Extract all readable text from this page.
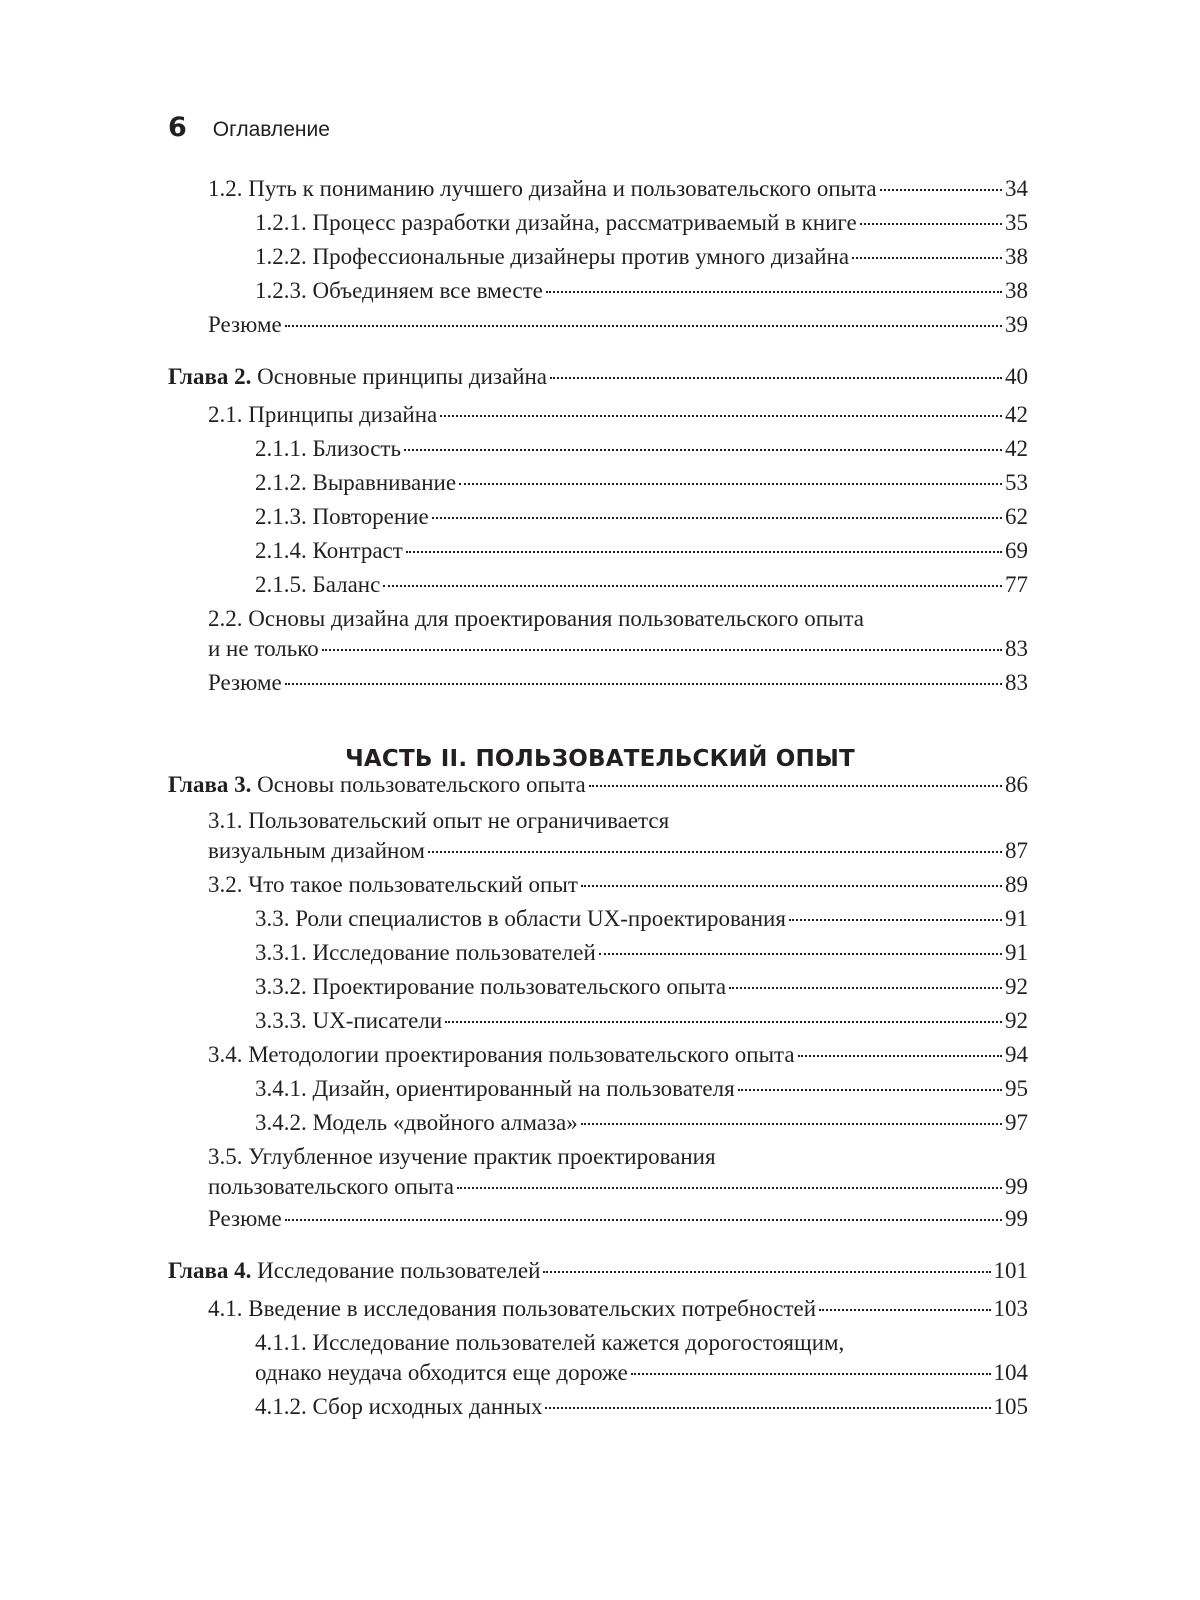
6 Оглавление
1.2. Путь к пониманию лучшего дизайна и пользовательского опыта	34
1.2.1. Процесс разработки дизайна, рассматриваемый в книге	35
1.2.2. Профессиональные дизайнеры против умного дизайна	38
1.2.3. Объединяем все вместе	38
Резюме	39
Глава 2. Основные принципы дизайна	40
2.1. Принципы дизайна	42
2.1.1. Близость	42
2.1.2. Выравнивание	53
2.1.3. Повторение	62
2.1.4. Контраст	69
2.1.5. Баланс	77
2.2. Основы дизайна для проектирования пользовательского опыта
и не только	83
Резюме	83
ЧАСТЬ II. ПОЛЬЗОВАТЕЛЬСКИЙ ОПЫТ
Глава 3. Основы пользовательского опыта	86
3.1. Пользовательский опыт не ограничивается
визуальным дизайном	87
3.2. Что такое пользовательский опыт	89
3.3. Роли специалистов в области UX-проектирования	91
3.3.1. Исследование пользователей	91
3.3.2. Проектирование пользовательского опыта	92
3.3.3. UX-писатели	92
3.4. Методологии проектирования пользовательского опыта	94
3.4.1. Дизайн, ориентированный на пользователя	95
3.4.2. Модель «двойного алмаза»	97
3.5. Углубленное изучение практик проектирования
пользовательского опыта	99
Резюме	99
Глава 4. Исследование пользователей	101
4.1. Введение в исследования пользовательских потребностей	103
4.1.1. Исследование пользователей кажется дорогостоящим,
однако неудача обходится еще дороже	104
4.1.2. Сбор исходных данных	105
